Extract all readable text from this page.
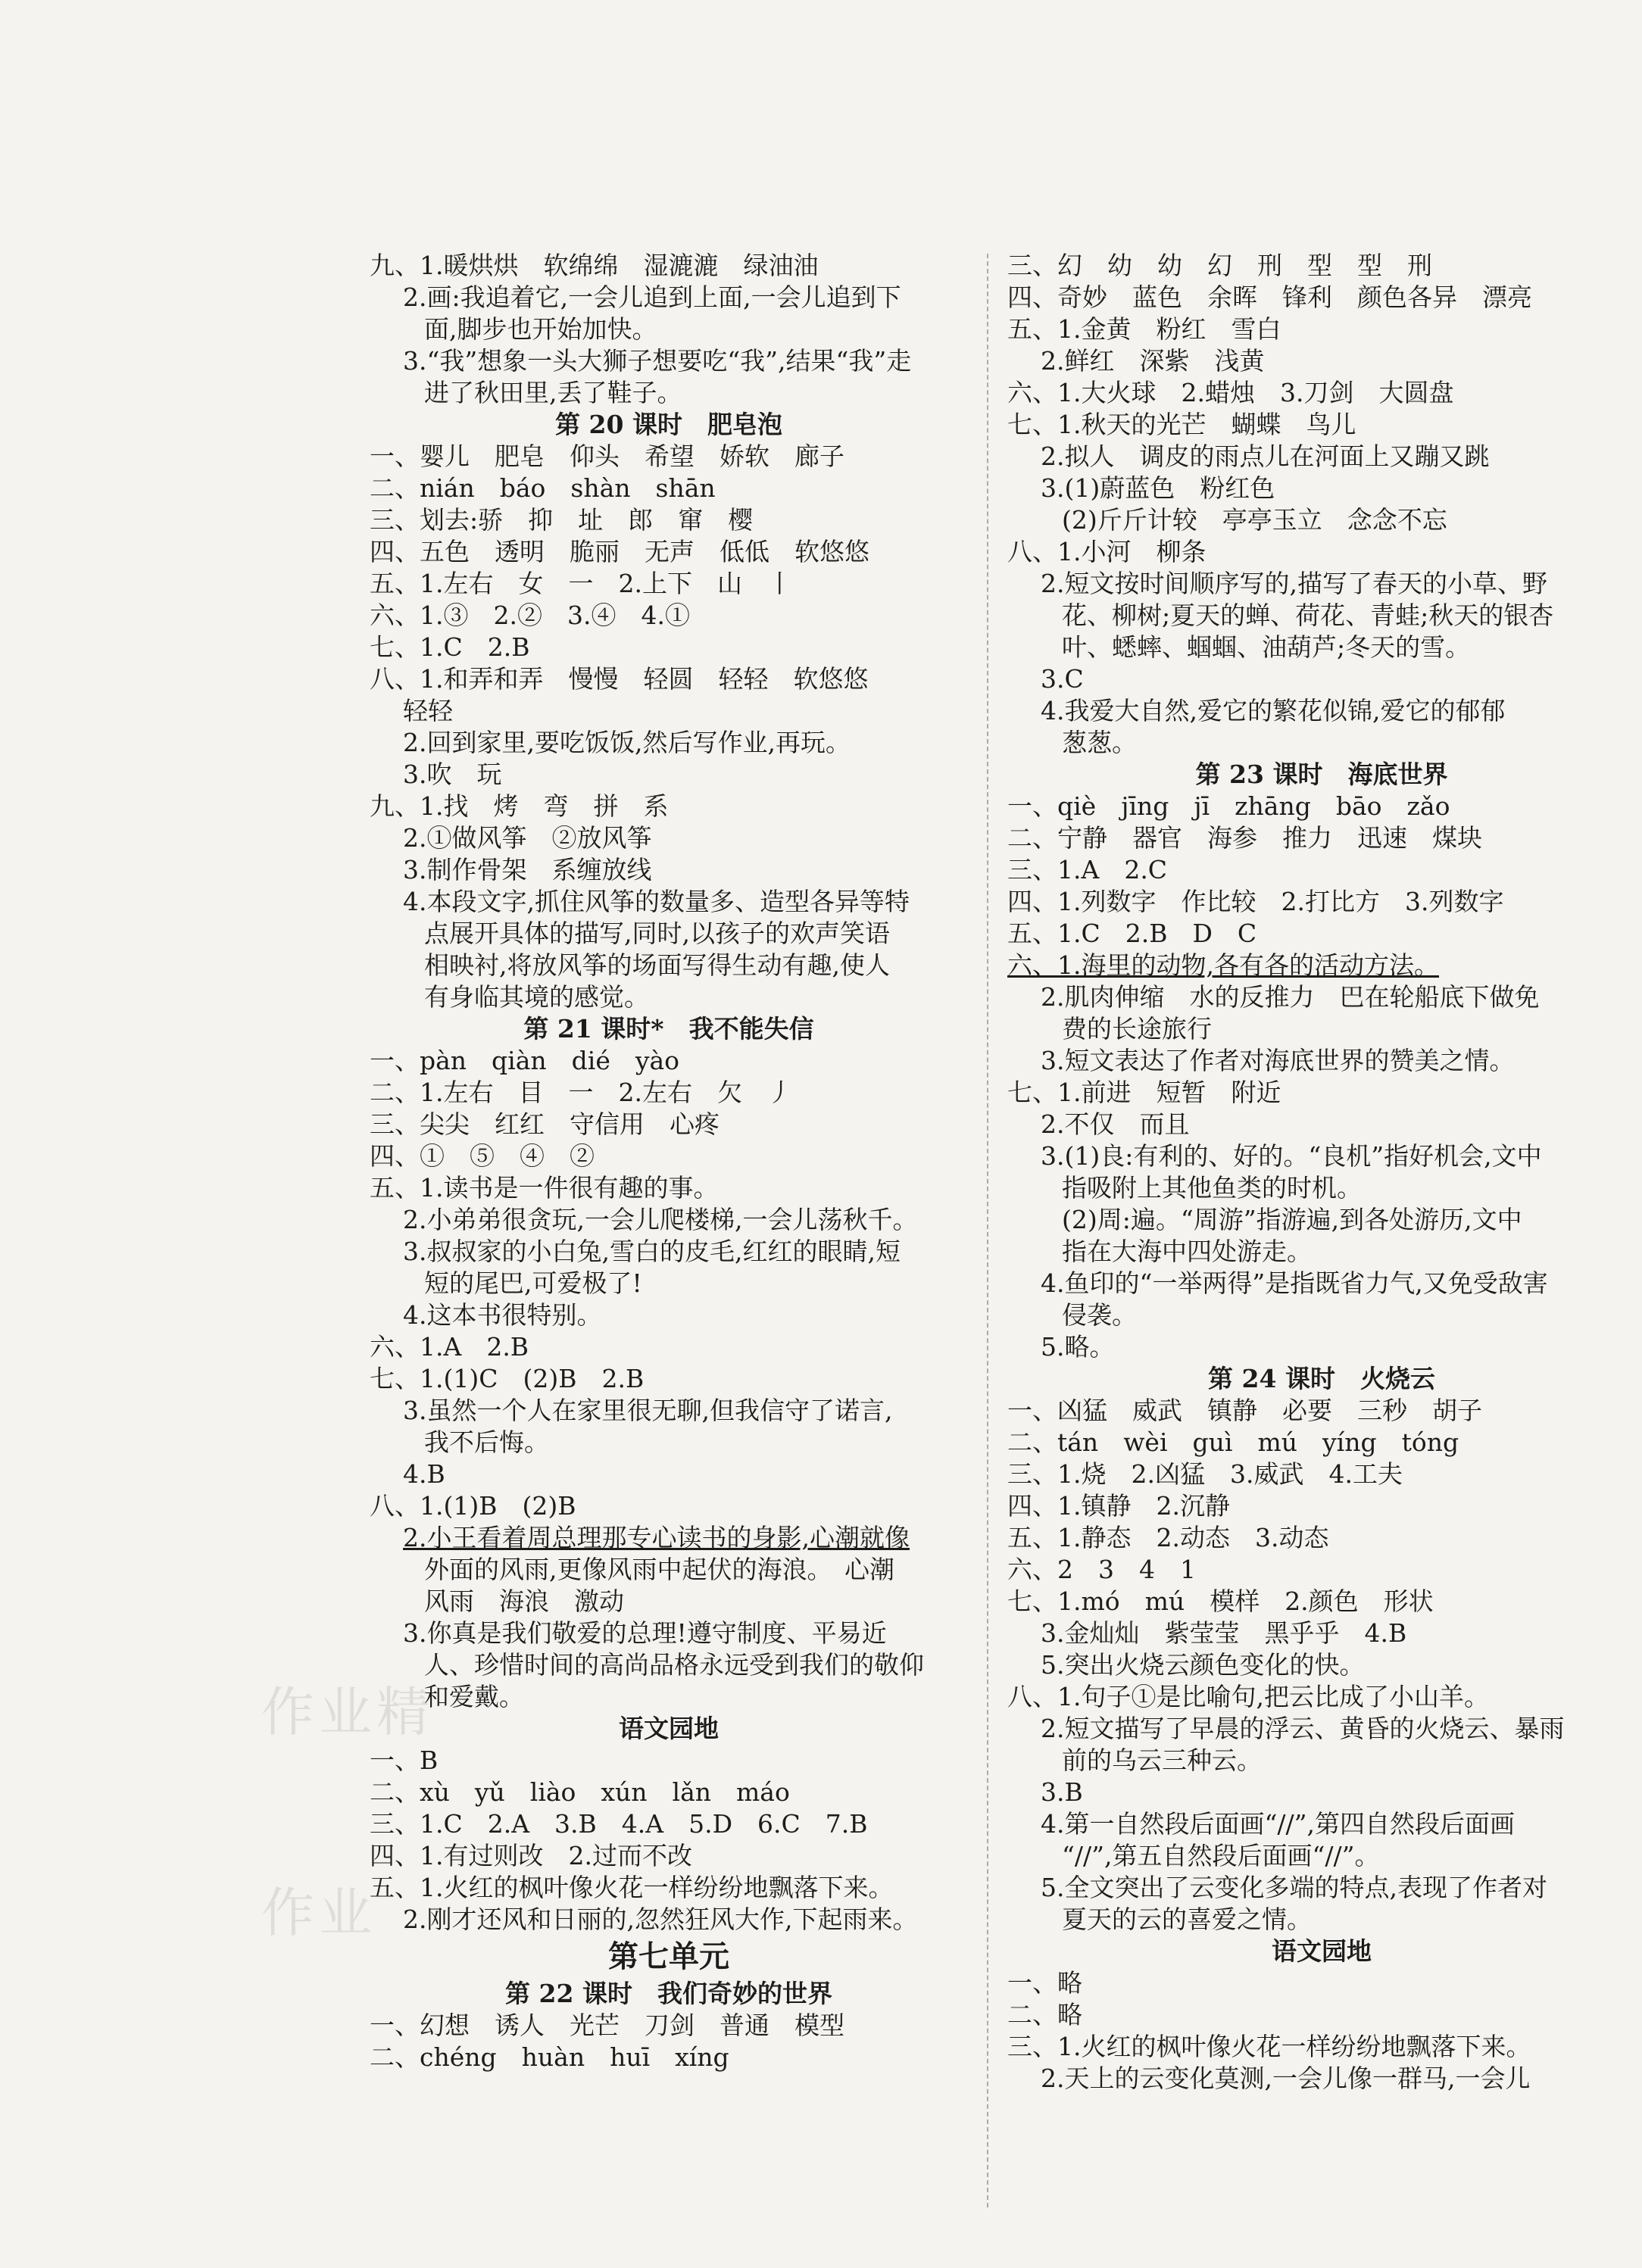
九、1.暖烘烘　软绵绵　湿漉漉　绿油油
2.画:我追着它,一会儿追到上面,一会儿追到下
面,脚步也开始加快。
3.“我”想象一头大狮子想要吃“我”,结果“我”走
进了秋田里,丢了鞋子。
第 20 课时　肥皂泡
一、婴儿　肥皂　仰头　希望　娇软　廊子
二、nián　báo　shàn　shān
三、划去:骄　抑　址　郎　窜　樱
四、五色　透明　脆丽　无声　低低　软悠悠
五、1.左右　女　一　2.上下　山　丨
六、1.③　2.②　3.④　4.①
七、1.C　2.B
八、1.和弄和弄　慢慢　轻圆　轻轻　软悠悠
轻轻
2.回到家里,要吃饭饭,然后写作业,再玩。
3.吹　玩
九、1.找　烤　弯　拼　系
2.①做风筝　②放风筝
3.制作骨架　系缠放线
4.本段文字,抓住风筝的数量多、造型各异等特
点展开具体的描写,同时,以孩子的欢声笑语
相映衬,将放风筝的场面写得生动有趣,使人
有身临其境的感觉。
第 21 课时*　我不能失信
一、pàn　qiàn　dié　yào
二、1.左右　目　一　2.左右　欠　丿
三、尖尖　红红　守信用　心疼
四、①　⑤　④　②
五、1.读书是一件很有趣的事。
2.小弟弟很贪玩,一会儿爬楼梯,一会儿荡秋千。
3.叔叔家的小白兔,雪白的皮毛,红红的眼睛,短
短的尾巴,可爱极了!
4.这本书很特别。
六、1.A　2.B
七、1.(1)C　(2)B　2.B
3.虽然一个人在家里很无聊,但我信守了诺言,
我不后悔。
4.B
八、1.(1)B　(2)B
2.小王看着周总理那专心读书的身影,心潮就像
外面的风雨,更像风雨中起伏的海浪。　心潮
风雨　海浪　激动
3.你真是我们敬爱的总理!遵守制度、平易近
人、珍惜时间的高尚品格永远受到我们的敬仰
和爱戴。
语文园地
一、B
二、xù　yǔ　liào　xún　lǎn　máo
三、1.C　2.A　3.B　4.A　5.D　6.C　7.B
四、1.有过则改　2.过而不改
五、1.火红的枫叶像火花一样纷纷地飘落下来。
2.刚才还风和日丽的,忽然狂风大作,下起雨来。
第七单元
第 22 课时　我们奇妙的世界
一、幻想　诱人　光芒　刀剑　普通　模型
二、chéng　huàn　huī　xíng
三、幻　幼　幼　幻　刑　型　型　刑
四、奇妙　蓝色　余晖　锋利　颜色各异　漂亮
五、1.金黄　粉红　雪白
2.鲜红　深紫　浅黄
六、1.大火球　2.蜡烛　3.刀剑　大圆盘
七、1.秋天的光芒　蝴蝶　鸟儿
2.拟人　调皮的雨点儿在河面上又蹦又跳
3.(1)蔚蓝色　粉红色
(2)斤斤计较　亭亭玉立　念念不忘
八、1.小河　柳条
2.短文按时间顺序写的,描写了春天的小草、野
花、柳树;夏天的蝉、荷花、青蛙;秋天的银杏
叶、蟋蟀、蝈蝈、油葫芦;冬天的雪。
3.C
4.我爱大自然,爱它的繁花似锦,爱它的郁郁
葱葱。
第 23 课时　海底世界
一、qiè　jīng　jī　zhāng　bāo　zǎo
二、宁静　器官　海参　推力　迅速　煤块
三、1.A　2.C
四、1.列数字　作比较　2.打比方　3.列数字
五、1.C　2.B　D　C
六、1.海里的动物,各有各的活动方法。
2.肌肉伸缩　水的反推力　巴在轮船底下做免
费的长途旅行
3.短文表达了作者对海底世界的赞美之情。
七、1.前进　短暂　附近
2.不仅　而且
3.(1)良:有利的、好的。“良机”指好机会,文中
指吸附上其他鱼类的时机。
(2)周:遍。“周游”指游遍,到各处游历,文中
指在大海中四处游走。
4.鱼印的“一举两得”是指既省力气,又免受敌害
侵袭。
5.略。
第 24 课时　火烧云
一、凶猛　威武　镇静　必要　三秒　胡子
二、tán　wèi　guì　mú　yíng　tóng
三、1.烧　2.凶猛　3.威武　4.工夫
四、1.镇静　2.沉静
五、1.静态　2.动态　3.动态
六、2　3　4　1
七、1.mó　mú　模样　2.颜色　形状
3.金灿灿　紫莹莹　黑乎乎　4.B
5.突出火烧云颜色变化的快。
八、1.句子①是比喻句,把云比成了小山羊。
2.短文描写了早晨的浮云、黄昏的火烧云、暴雨
前的乌云三种云。
3.B
4.第一自然段后面画“//”,第四自然段后面画
“//”,第五自然段后面画“//”。
5.全文突出了云变化多端的特点,表现了作者对
夏天的云的喜爱之情。
语文园地
一、略
二、略
三、1.火红的枫叶像火花一样纷纷地飘落下来。
2.天上的云变化莫测,一会儿像一群马,一会儿
作业精
作业
